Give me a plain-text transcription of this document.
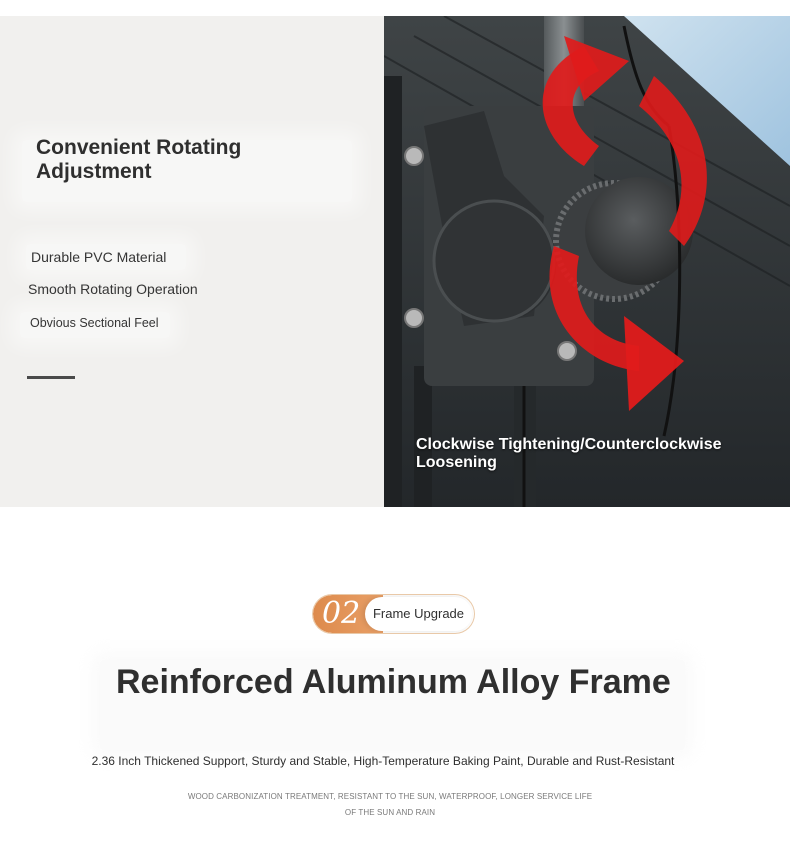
Convenient Rotating Adjustment

Durable PVC Material

Smooth Rotating Operation

Obvious Sectional Feel

Clockwise Tightening/Counterclockwise Loosening

02 Frame Upgrade
Reinforced Aluminum Alloy Frame

2.36 Inch Thickened Support, Sturdy and Stable, High-Temperature Baking Paint, Durable and Rust-Resistant

WOOD CARBONIZATION TREATMENT, RESISTANT TO THE SUN, WATERPROOF, LONGER SERVICE LIFE OF THE SUN AND RAIN
